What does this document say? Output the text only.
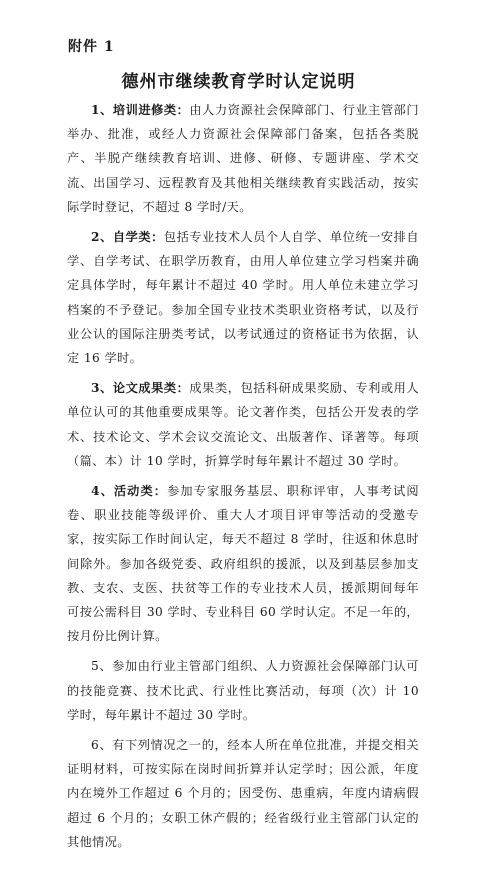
附件 1
德州市继续教育学时认定说明

1、培训进修类：由人力资源社会保障部门、行业主管部门举办、批准，或经人力资源社会保障部门备案，包括各类脱产、半脱产继续教育培训、进修、研修、专题讲座、学术交流、出国学习、远程教育及其他相关继续教育实践活动，按实际学时登记，不超过 8 学时/天。

2、自学类：包括专业技术人员个人自学、单位统一安排自学、自学考试、在职学历教育，由用人单位建立学习档案并确定具体学时，每年累计不超过 40 学时。用人单位未建立学习档案的不予登记。参加全国专业技术类职业资格考试，以及行业公认的国际注册类考试，以考试通过的资格证书为依据，认定 16 学时。

3、论文成果类：成果类，包括科研成果奖励、专利或用人单位认可的其他重要成果等。论文著作类，包括公开发表的学术、技术论文、学术会议交流论文、出版著作、译著等。每项（篇、本）计 10 学时，折算学时每年累计不超过 30 学时。

4、活动类：参加专家服务基层、职称评审，人事考试阅卷、职业技能等级评价、重大人才项目评审等活动的受邀专家，按实际工作时间认定，每天不超过 8 学时，往返和休息时间除外。参加各级党委、政府组织的援派，以及到基层参加支教、支农、支医、扶贫等工作的专业技术人员，援派期间每年可按公需科目 30 学时、专业科目 60 学时认定。不足一年的，按月份比例计算。

5、参加由行业主管部门组织、人力资源社会保障部门认可的技能竞赛、技术比武、行业性比赛活动，每项（次）计 10 学时，每年累计不超过 30 学时。

6、有下列情况之一的，经本人所在单位批准，并提交相关证明材料，可按实际在岗时间折算并认定学时；因公派，年度内在境外工作超过 6 个月的；因受伤、患重病，年度内请病假超过 6 个月的；女职工休产假的；经省级行业主管部门认定的其他情况。
